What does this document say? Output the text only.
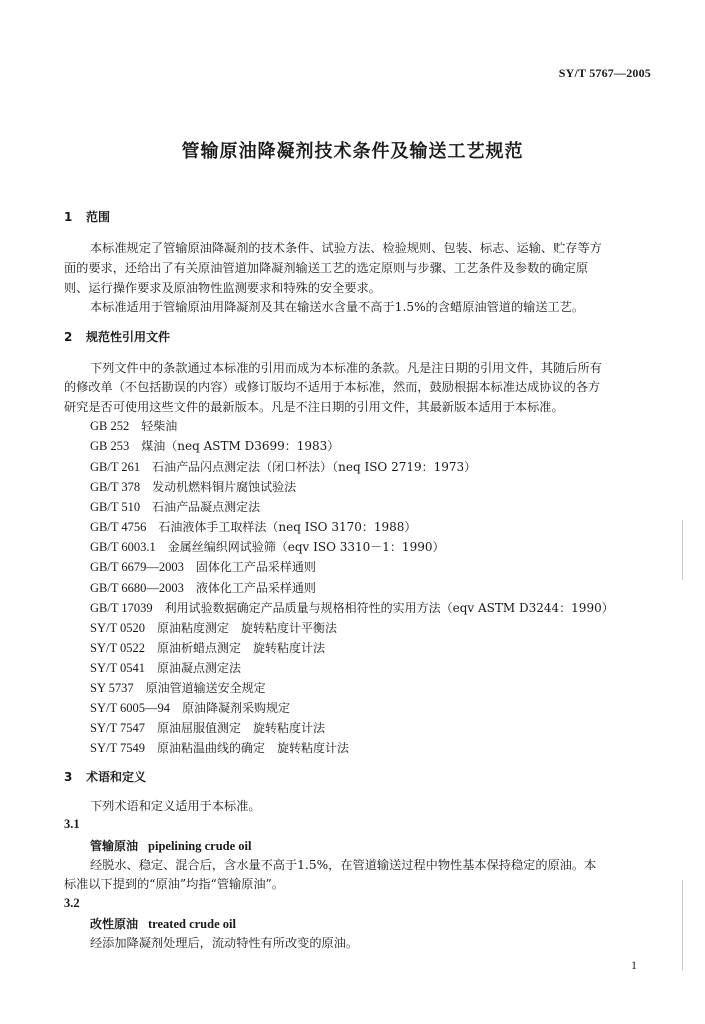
SY/T 5767—2005
管输原油降凝剂技术条件及输送工艺规范
1 范围
本标准规定了管输原油降凝剂的技术条件、试验方法、检验规则、包装、标志、运输、贮存等方
面的要求，还给出了有关原油管道加降凝剂输送工艺的选定原则与步骤、工艺条件及参数的确定原
则、运行操作要求及原油物性监测要求和特殊的安全要求。
本标准适用于管输原油用降凝剂及其在输送水含量不高于1.5%的含蜡原油管道的输送工艺。
2 规范性引用文件
下列文件中的条款通过本标准的引用而成为本标准的条款。凡是注日期的引用文件，其随后所有
的修改单（不包括勘误的内容）或修订版均不适用于本标准，然而，鼓励根据本标准达成协议的各方
研究是否可使用这些文件的最新版本。凡是不注日期的引用文件，其最新版本适用于本标准。
GB 252　 轻柴油
GB 253　 煤油（neq ASTM D3699：1983）
GB/T 261　 石油产品闪点测定法（闭口杯法）（neq ISO 2719：1973）
GB/T 378　 发动机燃料铜片腐蚀试验法
GB/T 510　 石油产品凝点测定法
GB/T 4756　 石油液体手工取样法（neq ISO 3170：1988）
GB/T 6003.1　 金属丝编织网试验筛（eqv ISO 3310－1：1990）
GB/T 6679—2003　 固体化工产品采样通则
GB/T 6680—2003　 液体化工产品采样通则
GB/T 17039　 利用试验数据确定产品质量与规格相符性的实用方法（eqv ASTM D3244：1990）
SY/T 0520　 原油粘度测定　旋转粘度计平衡法
SY/T 0522　 原油析蜡点测定　旋转粘度计法
SY/T 0541　 原油凝点测定法
SY 5737　 原油管道输送安全规定
SY/T 6005—94　 原油降凝剂采购规定
SY/T 7547　 原油屈服值测定　旋转粘度计法
SY/T 7549　 原油粘温曲线的确定　旋转粘度计法
3 术语和定义
下列术语和定义适用于本标准。
3.1
管输原油 pipelining crude oil
经脱水、稳定、混合后，含水量不高于1.5%，在管道输送过程中物性基本保持稳定的原油。本
标准以下提到的“原油”均指“管输原油”。
3.2
改性原油 treated crude oil
经添加降凝剂处理后，流动特性有所改变的原油。
1
